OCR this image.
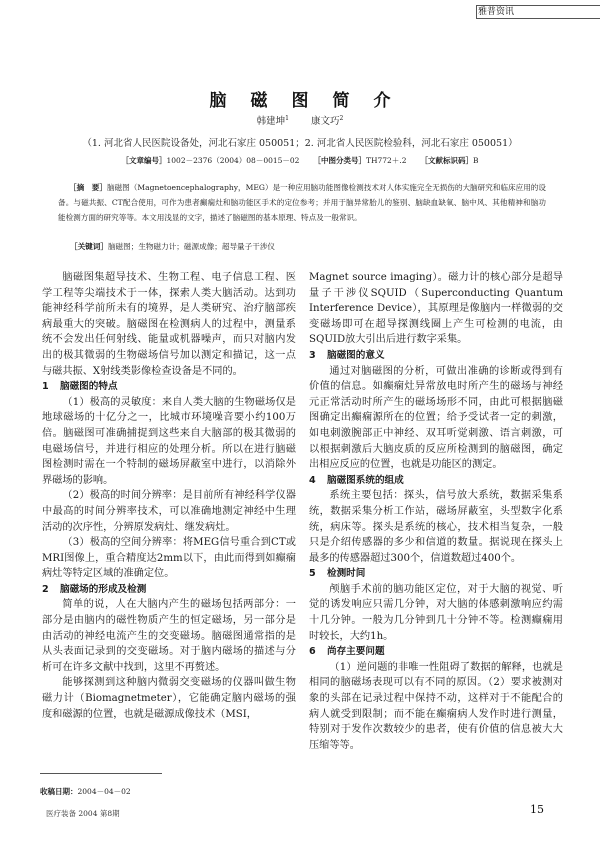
雅普资讯
脑磁图简介
韩建坤$^1$ 康文巧$^2$
（1. 河北省人民医院设备处，河北石家庄 050051；2. 河北省人民医院检验科，河北石家庄 050051）
［文章编号］1002－2376（2004）08－0015－02 ［中图分类号］TH772＋.2 ［文献标识码］B
［摘　要］脑磁图（Magnetoencephalography，MEG）是一种应用脑功能图像检测技术对人体实施完全无损伤的大脑研究和临床应用的设备。与磁共振、CT配合使用，可作为患者癫痫灶和脑功能区手术的定位参考；并用于脑异常胎儿的鉴别、脑缺血缺氧、脑中风、其他精神和脑功能检测方面的研究等等。本文用浅显的文字，描述了脑磁图的基本原理、特点及一般常识。
［关键词］脑磁图；生物磁力计；磁源成像；超导量子干涉仪

脑磁图集超导技术、生物工程、电子信息工程、医学工程等尖端技术于一体，探索人类大脑活动。达到功能神经科学前所未有的境界，是人类研究、治疗脑部疾病最重大的突破。脑磁图在检测病人的过程中，测量系统不会发出任何射线、能量或机器噪声，而只对脑内发出的极其微弱的生物磁场信号加以测定和描记，这一点与磁共振、X射线类影像检查设备是不同的。

1 脑磁图的特点

（1）极高的灵敏度：来自人类大脑的生物磁场仅是地球磁场的十亿分之一，比城市环境噪音要小约100万倍。脑磁图可准确捕捉到这些来自大脑部的极其微弱的电磁场信号，并进行相应的处理分析。所以在进行脑磁图检测时需在一个特制的磁场屏蔽室中进行，以消除外界磁场的影响。

（2）极高的时间分辨率：是目前所有神经科学仪器中最高的时间分辨率技术，可以准确地测定神经中生理活动的次序性，分辨原发病灶、继发病灶。

（3）极高的空间分辨率：将MEG信号重合到CT或MRI图像上，重合精度达2mm以下，由此而得到如癫痫病灶等特定区域的准确定位。

2 脑磁场的形成及检测

简单的说，人在大脑内产生的磁场包括两部分：一部分是由脑内的磁性物质产生的恒定磁场，另一部分是由活动的神经电流产生的交变磁场。脑磁图通常指的是从头表面记录到的交变磁场。对于脑内磁场的描述与分析可在许多文献中找到，这里不再赘述。

能够探测到这种脑内微弱交变磁场的仪器叫做生物磁力计（Biomagnetmeter），它能确定脑内磁场的强度和磁源的位置，也就是磁源成像技术（MSI，

Magnet source imaging）。磁力计的核心部分是超导量子干涉仪SQUID（Superconducting Quantum Interference Device），其原理是像脑内一样微弱的交变磁场即可在超导探测线圈上产生可检测的电流，由SQUID放大引出后进行数字采集。

3 脑磁图的意义

通过对脑磁图的分析，可做出准确的诊断或得到有价值的信息。如癫痫灶异常放电时所产生的磁场与神经元正常活动时所产生的磁场场形不同，由此可根据脑磁图确定出癫痫源所在的位置；给予受试者一定的刺激，如电刺激腕部正中神经、双耳听觉刺激、语言刺激，可以根据刺激后大脑皮质的反应所检测到的脑磁图，确定出相应反应的位置，也就是功能区的测定。

4 脑磁图系统的组成

系统主要包括：探头，信号放大系统，数据采集系统，数据采集分析工作站，磁场屏蔽室，头型数字化系统，病床等。探头是系统的核心，技术相当复杂，一般只是介绍传感器的多少和信道的数量。据说现在探头上最多的传感器超过300个，信道数超过400个。

5 检测时间

颅脑手术前的脑功能区定位，对于大脑的视觉、听觉的诱发响应只需几分钟，对大脑的体感刺激响应约需十几分钟。一般为几分钟到几十分钟不等。检测癫痫用时较长，大约1h。

6 尚存主要问题

（1）逆问题的非唯一性阻碍了数据的解释，也就是相同的脑磁场表现可以有不同的原因。（2）要求被测对象的头部在记录过程中保持不动，这样对于不能配合的病人就受到限制；而不能在癫痫病人发作时进行测量，特别对于发作次数较少的患者，使有价值的信息被大大压缩等等。

收稿日期：2004－04－02
医疗装备 2004 第8期	15
